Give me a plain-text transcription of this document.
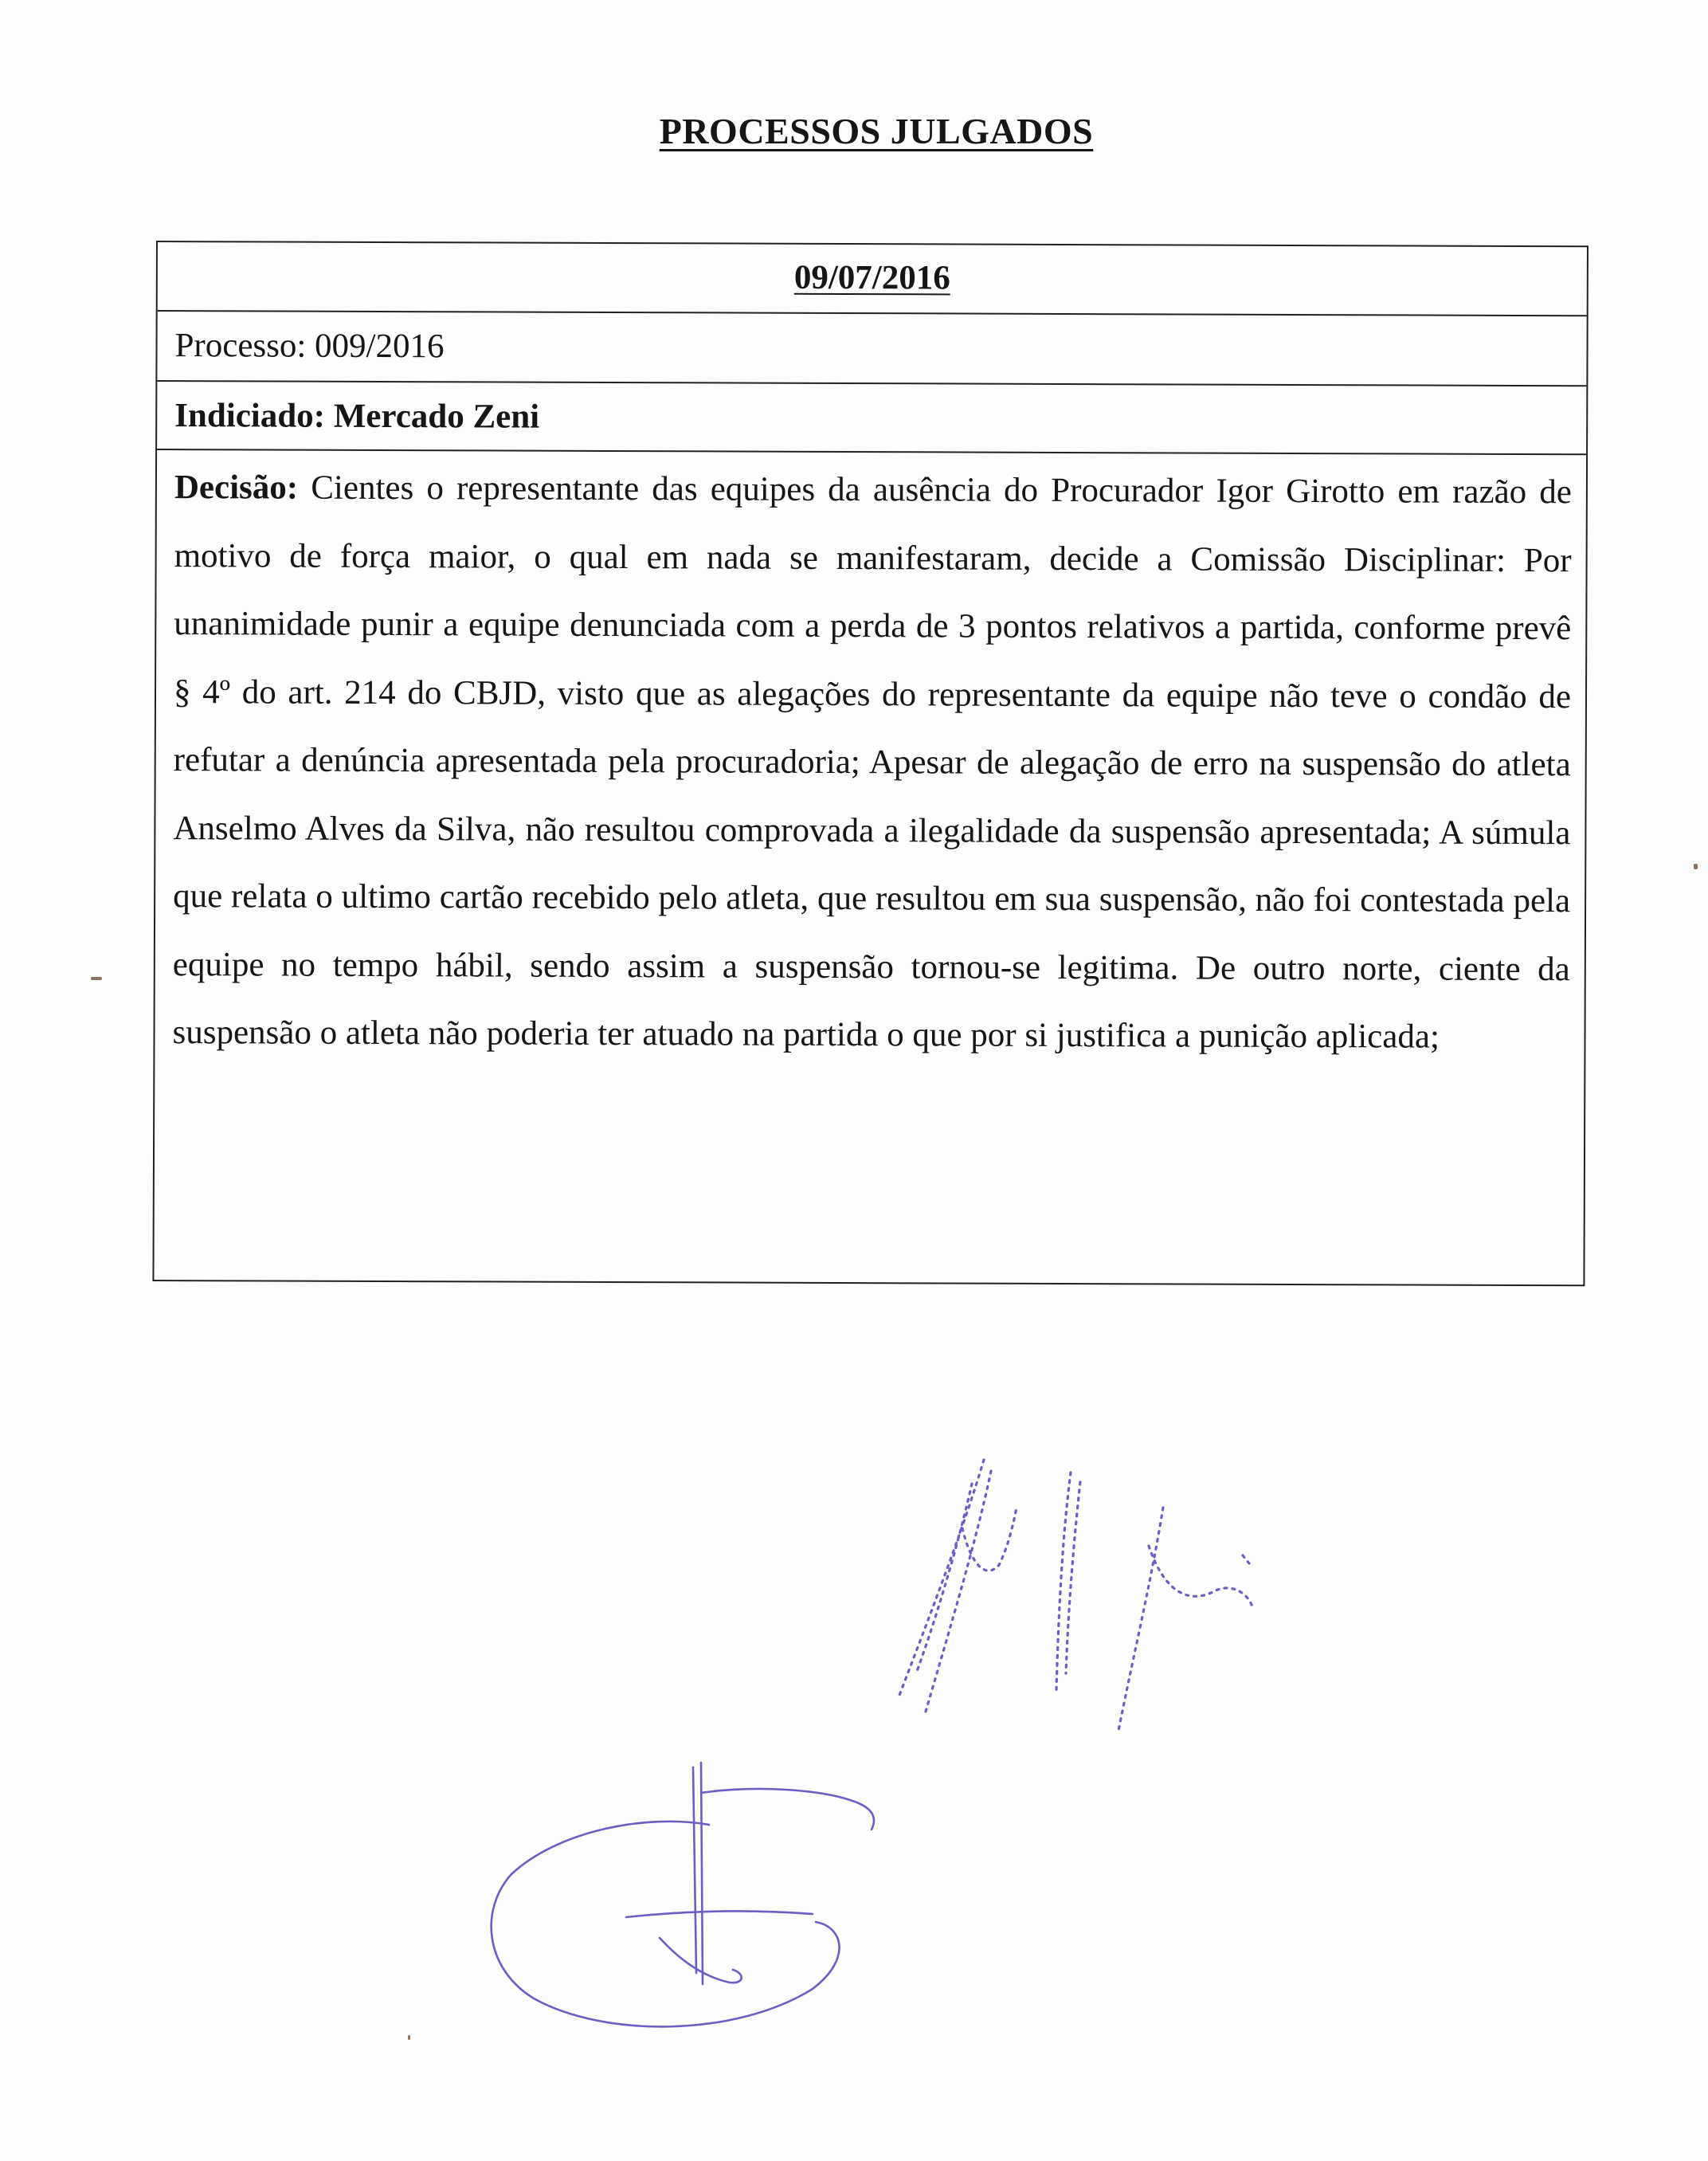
PROCESSOS JULGADOS
09/07/2016
Processo: 009/2016
Indiciado: Mercado Zeni
Decisão: Cientes o representante das equipes da ausência do Procurador Igor Girotto em razão de motivo de força maior, o qual em nada se manifestaram, decide a Comissão Disciplinar: Por unanimidade punir a equipe denunciada com a perda de 3 pontos relativos a partida, conforme prevê § 4º do art. 214 do CBJD, visto que as alegações do representante da equipe não teve o condão de refutar a denúncia apresentada pela procuradoria; Apesar de alegação de erro na suspensão do atleta Anselmo Alves da Silva, não resultou comprovada a ilegalidade da suspensão apresentada; A súmula que relata o ultimo cartão recebido pelo atleta, que resultou em sua suspensão, não foi contestada pela equipe no tempo hábil, sendo assim a suspensão tornou-se legitima. De outro norte, ciente da suspensão o atleta não poderia ter atuado na partida o que por si justifica a punição aplicada;
